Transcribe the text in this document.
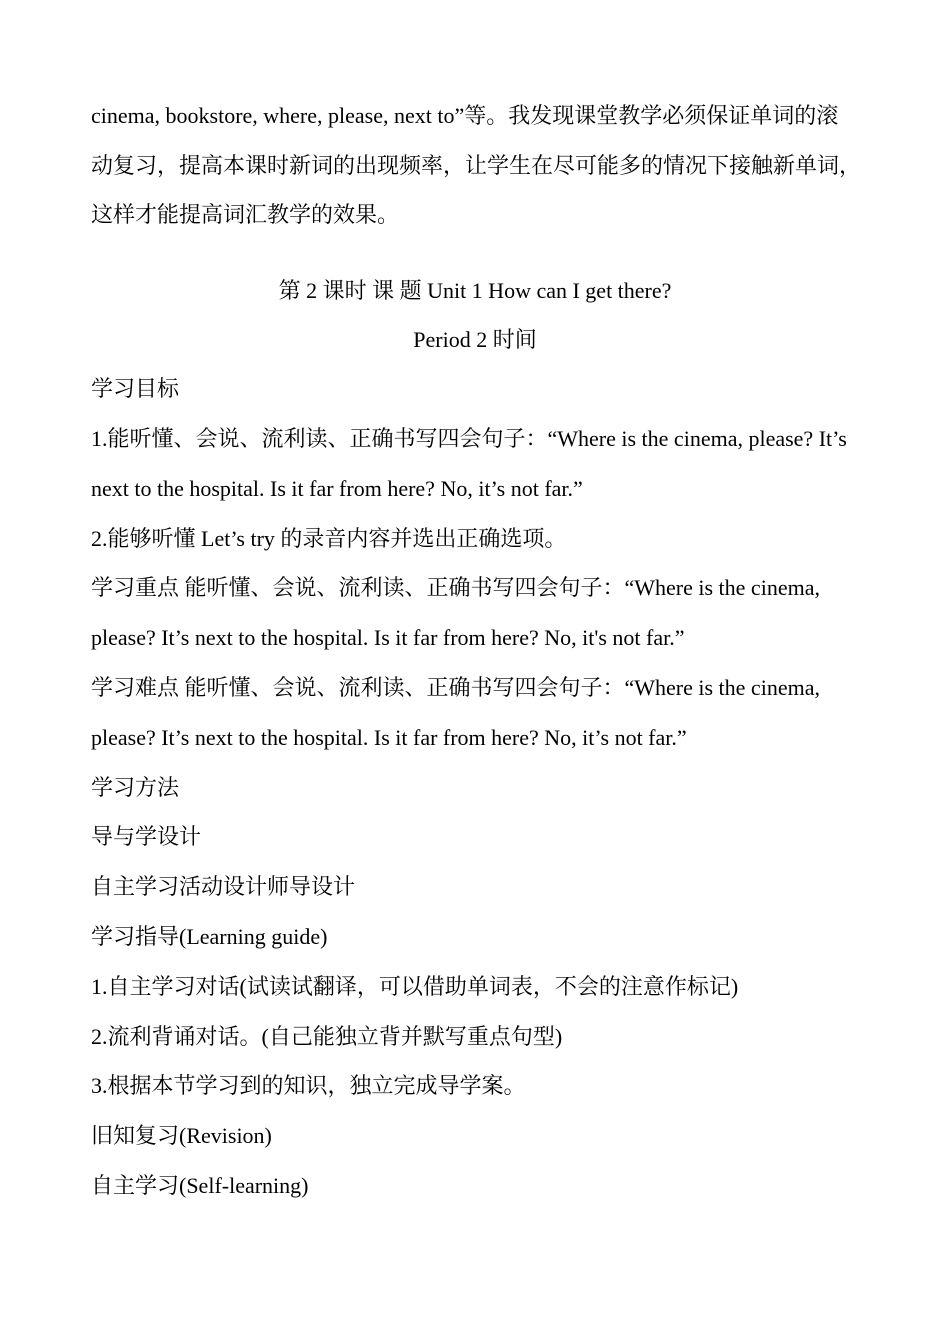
cinema, bookstore, where, please, next to”等。我发现课堂教学必须保证单词的滚
动复习，提高本课时新词的出现频率，让学生在尽可能多的情况下接触新单词，
这样才能提高词汇教学的效果。
第 2 课时 课 题 Unit 1 How can I get there?
Period 2 时间
学习目标
1.能听懂、会说、流利读、正确书写四会句子：“Where is the cinema, please? It’s
next to the hospital. Is it far from here? No, it’s not far.”
2.能够听懂 Let’s try 的录音内容并选出正确选项。
学习重点 能听懂、会说、流利读、正确书写四会句子：“Where is the cinema,
please? It’s next to the hospital. Is it far from here? No, it's not far.”
学习难点 能听懂、会说、流利读、正确书写四会句子：“Where is the cinema,
please? It’s next to the hospital. Is it far from here? No, it’s not far.”
学习方法
导与学设计
自主学习活动设计师导设计
学习指导(Learning guide)
1.自主学习对话(试读试翻译，可以借助单词表，不会的注意作标记)
2.流利背诵对话。(自己能独立背并默写重点句型)
3.根据本节学习到的知识，独立完成导学案。
旧知复习(Revision)
自主学习(Self-learning)
